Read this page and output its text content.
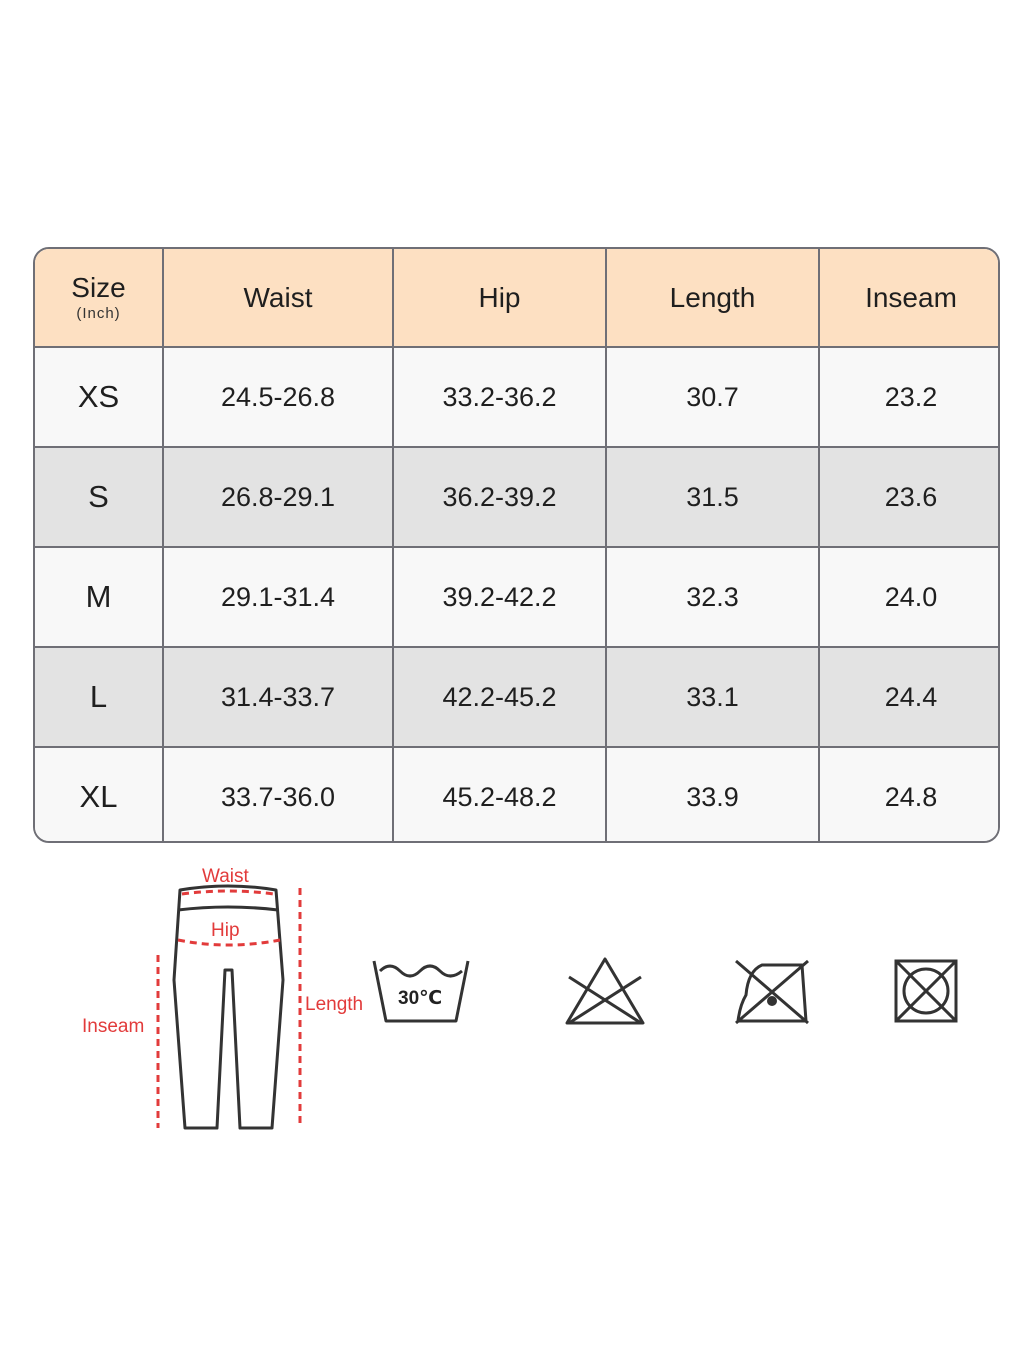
Size
(Inch)	Waist	Hip	Length	Inseam
XS	24.5-26.8	33.2-36.2	30.7	23.2
S	26.8-29.1	36.2-39.2	31.5	23.6
M	29.1-31.4	39.2-42.2	32.3	24.0
L	31.4-33.7	42.2-45.2	33.1	24.4
XL	33.7-36.0	45.2-48.2	33.9	24.8
Waist
Hip
Inseam
Length 30℃
